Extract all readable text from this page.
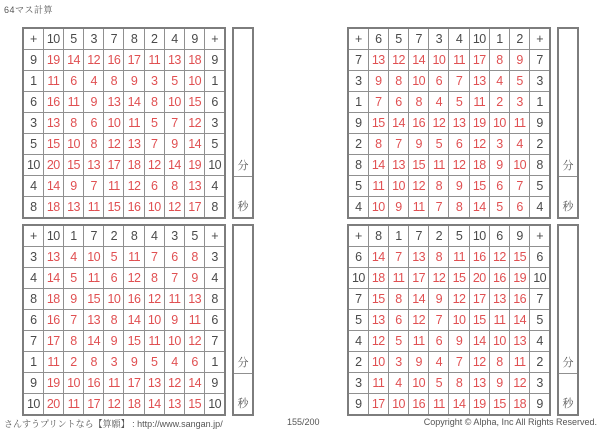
64マス計算
+	10	5	3	7	8	2	4	9	+
9	19	14	12	16	17	11	13	18	9
1	11	6	4	8	9	3	5	10	1
6	16	11	9	13	14	8	10	15	6
3	13	8	6	10	11	5	7	12	3
5	15	10	8	12	13	7	9	14	5
10	20	15	13	17	18	12	14	19	10
4	14	9	7	11	12	6	8	13	4
8	18	13	11	15	16	10	12	17	8
分
秒
+	6	5	7	3	4	10	1	2	+
7	13	12	14	10	11	17	8	9	7
3	9	8	10	6	7	13	4	5	3
1	7	6	8	4	5	11	2	3	1
9	15	14	16	12	13	19	10	11	9
2	8	7	9	5	6	12	3	4	2
8	14	13	15	11	12	18	9	10	8
5	11	10	12	8	9	15	6	7	5
4	10	9	11	7	8	14	5	6	4
分
秒
+	10	1	7	2	8	4	3	5	+
3	13	4	10	5	11	7	6	8	3
4	14	5	11	6	12	8	7	9	4
8	18	9	15	10	16	12	11	13	8
6	16	7	13	8	14	10	9	11	6
7	17	8	14	9	15	11	10	12	7
1	11	2	8	3	9	5	4	6	1
9	19	10	16	11	17	13	12	14	9
10	20	11	17	12	18	14	13	15	10
分
秒
+	8	1	7	2	5	10	6	9	+
6	14	7	13	8	11	16	12	15	6
10	18	11	17	12	15	20	16	19	10
7	15	8	14	9	12	17	13	16	7
5	13	6	12	7	10	15	11	14	5
4	12	5	11	6	9	14	10	13	4
2	10	3	9	4	7	12	8	11	2
3	11	4	10	5	8	13	9	12	3
9	17	10	16	11	14	19	15	18	9
分
秒
さんすうプリントなら【算願】 : http://www.sangan.jp/	155/200	Copyright © Alpha, Inc All Rights Reserved.
